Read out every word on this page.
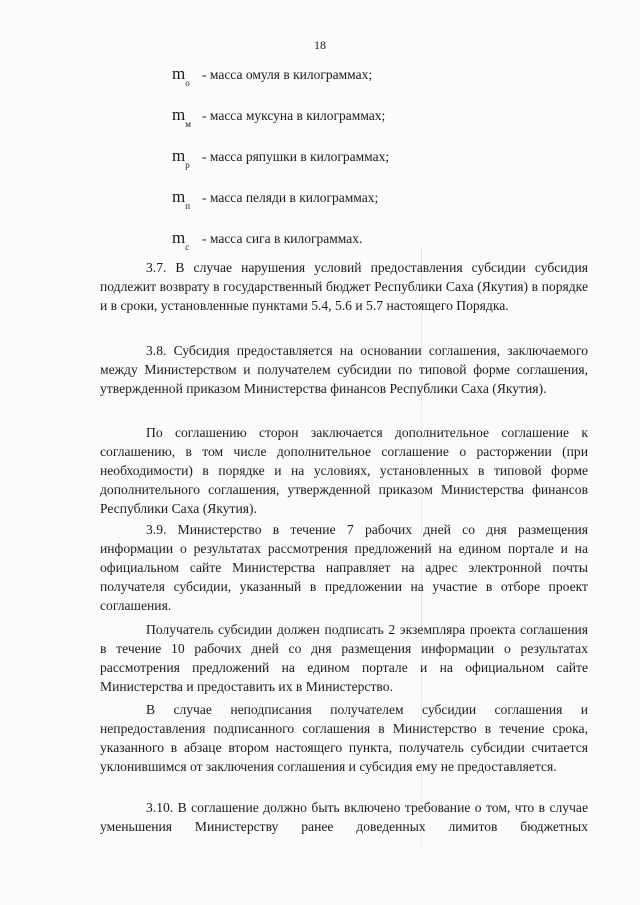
18
$m_о$
- масса омуля в килограммах;
$m_м$
- масса муксуна в килограммах;
$m_р$
- масса ряпушки в килограммах;
$m_п$
- масса пеляди в килограммах;
$m_с$
- масса сига в килограммах.

3.7. В случае нарушения условий предоставления субсидии субсидия подлежит возврату в государственный бюджет Республики Саха (Якутия) в порядке и в сроки, установленные пунктами 5.4, 5.6 и 5.7 настоящего Порядка.

3.8. Субсидия предоставляется на основании соглашения, заключаемого между Министерством и получателем субсидии по типовой форме соглашения, утвержденной приказом Министерства финансов Республики Саха (Якутия).

По соглашению сторон заключается дополнительное соглашение к соглашению, в том числе дополнительное соглашение о расторжении (при необходимости) в порядке и на условиях, установленных в типовой форме дополнительного соглашения, утвержденной приказом Министерства финансов Республики Саха (Якутия).

3.9. Министерство в течение 7 рабочих дней со дня размещения информации о результатах рассмотрения предложений на едином портале и на официальном сайте Министерства направляет на адрес электронной почты получателя субсидии, указанный в предложении на участие в отборе проект соглашения.

Получатель субсидии должен подписать 2 экземпляра проекта соглашения в течение 10 рабочих дней со дня размещения информации о результатах рассмотрения предложений на едином портале и на официальном сайте Министерства и предоставить их в Министерство.

В случае неподписания получателем субсидии соглашения и непредоставления подписанного соглашения в Министерство в течение срока, указанного в абзаце втором настоящего пункта, получатель субсидии считается уклонившимся от заключения соглашения и субсидия ему не предоставляется.

3.10. В соглашение должно быть включено требование о том, что в случае уменьшения Министерству ранее доведенных лимитов бюджетных
